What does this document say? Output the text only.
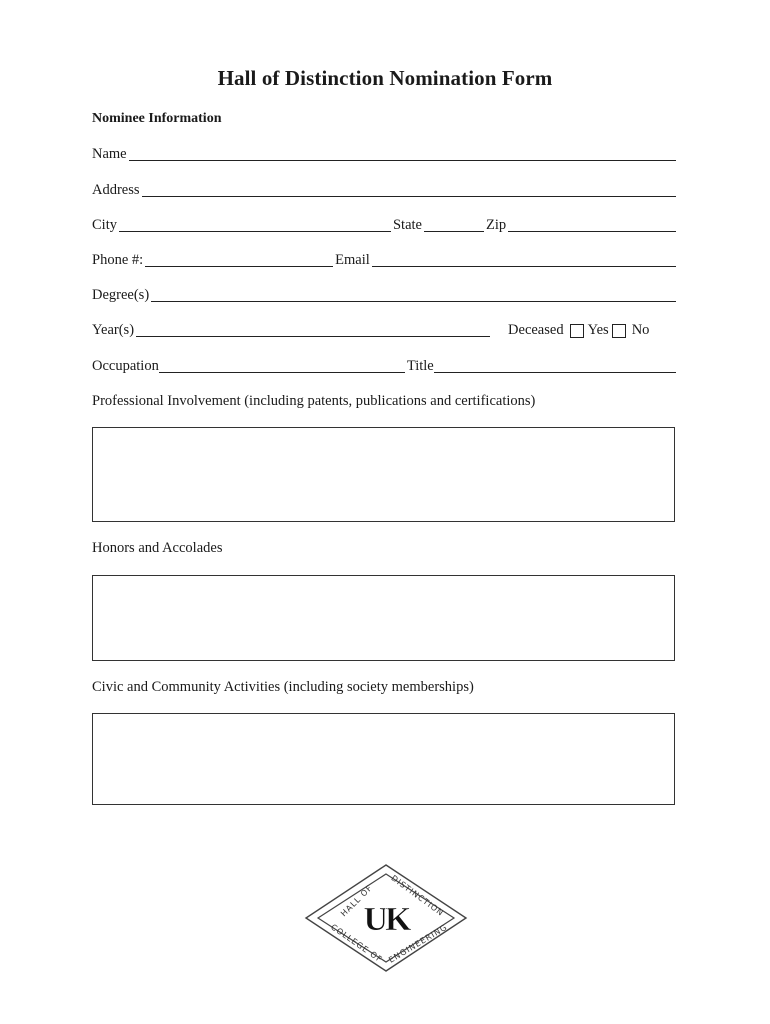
Hall of Distinction Nomination Form
Nominee Information
Name
Address
City	State	Zip
Phone #:	Email
Degree(s)
Year(s)	Deceased Yes No
Occupation	Title
Professional Involvement (including patents, publications and certifications)
Honors and Accolades
Civic and Community Activities (including society memberships)
HALL OF
DISTINCTION
COLLEGE OF ENGINEERING
UK
